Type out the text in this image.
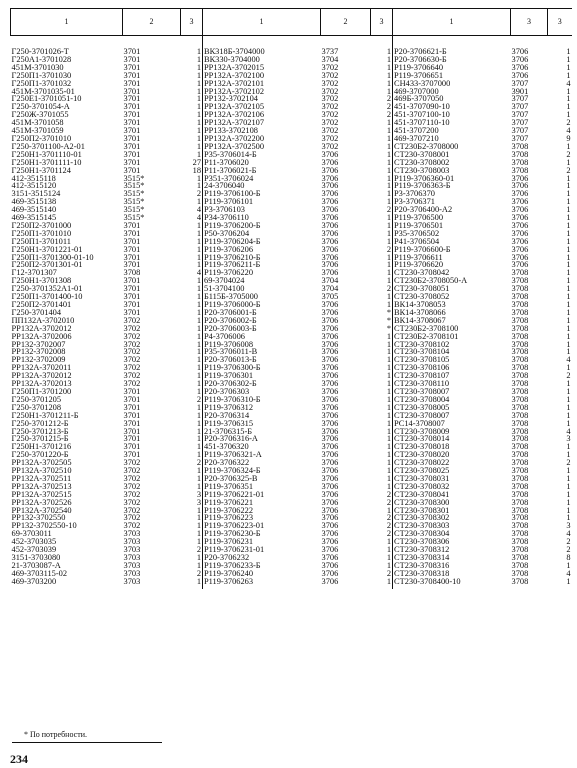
1	2	3	1	2	3	1	3	3

Г250-3701026-Т	3701	1	ВК318Б-3704000	3737	1	Р20-3706621-Б	3706	1
Г250А1-3701028	3701	1	ВК330-3704000	3704	1	Р20-3706630-Б	3706	1
451М-3701030	3701	1	РР132А-3702015	3702	1	Р119-3706640	3706	1
Г250П1-3701030	3701	1	РР132А-3702100	3702	1	Р119-3706651	3706	1
Г250П1-3701032	3701	1	РР132А-3702101	3702	1	СН433-3707000	3707	4
451М-3701035-01	3701	1	РР132А-3702102	3702	1	469-3707000	3901	1
Г250Е1-3701051-10	3701	1	РР132-3702104	3702	2	469Б-3707050	3707	1
Г250-3701054-А	3701	1	РР132А-3702105	3702	2	451-3707090-10	3707	1
Г250Ж-3701055	3701	1	РР132А-3702106	3702	2	451-3707100-10	3707	1
451М-3701058	3701	1	РР132А-3702107	3702	1	451-3707110-10	3707	2
451М-3701059	3701	1	РР133-3702108	3702	1	451-3707200	3707	4
Г250П2-3701010	3701	1	РР132А-3702200	3702	1	469-3707210	3707	9
Г250-3701100-А2-01	3701	1	РР132А-3702500	3702	1	СТ230Б2-3708000	3708	1
Г250Н1-3701110-01	3701	1	Р35-3706014-Б	3706	1	СТ230-3708001	3708	2
Г250Н1-3701111-10	3701	27	Р11-3706020	3706	1	СТ230-3708002	3708	1
Г250Н1-3701124	3701	18	Р11-3706021-Б	3706	1	СТ230-3708003	3708	2
412-3515118	3515*	1	Р351-3706024	3706	1	Р119-3706360-01	3706	1
412-3515120	3515*	1	24-3706040	3706	1	Р119-3706363-Б	3706	1
3151-3515124	3515*	2	Р119-3706100-Б	3706	1	Р3-3706370	3706	1
469-3515138	3515*	1	Р119-3706101	3706	1	Р3-3706371	3706	1
469-3515140	3515*	4	Р3-3706103	3706	2	Р20-3706400-А2	3706	1
469-3515145	3515*	4	Р34-3706110	3706	1	Р119-3706500	3706	1
Г250П2-3701000	3701	1	Р119-3706200-Б	3706	1	Р119-3706501	3706	1
Г250П1-3701010	3701	1	Р50-3706204	3706	1	Р35-3706502	3706	1
Г250П1-3701011	3701	1	Р119-3706204-Б	3706	1	Р41-3706504	3706	1
Г250Н1-3701221-01	3701	1	Р119-3706206	3706	2	Р119-3706600-Б	3706	1
Г250П1-3701300-01-10	3701	1	Р119-3706210-Б	3706	1	Р119-3706611	3706	1
Г250П2-3701301-01	3701	1	Р119-3706211-Б	3706	1	Р119-3706620	3706	1
Г12-3701307	3708	4	Р119-3706220	3706	1	СТ230-3708042	3708	1
Г250Н1-3701308	3701	1	69-3704024	3704	1	СТ230Б2-3708050-А	3708	1
Г250-3701352А1-01	3701	1	51-3704100	3704	2	СТ230-3708051	3708	1
Г250П1-3701400-10	3701	1	Б115Б-3705000	3705	1	СТ230-3708052	3708	1
Г250П2-3701401	3701	1	Р119-3706000-Б	3706	1	ВК14-3708053	3708	1
Г250-3701404	3701	1	Р20-3706001-Б	3706	*	ВК14-3708066	3708	1
ПП132А-3702010	3702	1	Р20-3706002-Б	3706	*	ВК14-3708067	3708	1
РР132А-3702012	3702	1	Р20-3706003-Б	3706	*	СТ230Б2-3708100	3708	1
РР132А-3702006	3702	1	Р4-3706006	3706	1	СТ230Б2-3708101	3708	1
РР132-3702007	3702	1	Р119-3706008	3706	1	СТ230-3708102	3708	1
РР132-3702008	3702	1	Р35-3706011-В	3706	1	СТ230-3708104	3708	1
РР132-3702009	3702	1	Р20-3706013-Б	3706	1	СТ230-3708105	3708	4
РР132А-3702011	3702	1	Р119-3706300-Б	3706	1	СТ230-3708106	3708	1
РР132А-3702012	3702	1	Р119-3706301	3706	1	СТ230-3708107	3708	2
РР132А-3702013	3702	1	Р20-3706302-Б	3706	1	СТ230-3708110	3708	1
Г250П1-3701200	3701	1	Р20-3706303	3706	1	СТ230-3708007	3708	1
Г250-3701205	3701	2	Р119-3706310-Б	3706	1	СТ230-3708004	3708	1
Г250-3701208	3701	1	Р119-3706312	3706	1	СТ230-3708005	3708	1
Г250Н1-3701211-Б	3701	1	Р20-3706314	3706	1	СТ230-3708007	3708	1
Г250-3701212-Б	3701	1	Р119-3706315	3706	1	РС14-3708007	3708	1
Г250-3701213-Б	3701	1	21-3706315-Б	3706	1	СТ230-3708009	3708	4
Г250-3701215-Б	3701	1	Р20-3706316-А	3706	1	СТ230-3708014	3708	3
Г250Н1-3701216	3701	1	451-3706320	3706	1	СТ230-3708018	3708	1
Г250-3701220-Б	3701	1	Р119-3706321-А	3706	1	СТ230-3708020	3708	1
РР132А-3702505	3702	2	Р20-3706322	3706	1	СТ230-3708022	3708	2
РР132А-3702510	3702	1	Р119-3706324-Б	3706	1	СТ230-3708025	3708	1
РР132А-3702511	3702	1	Р20-3706325-В	3706	1	СТ230-3708031	3708	1
РР132А-3702513	3702	1	Р119-3706351	3706	1	СТ230-3708032	3708	1
РР132А-3702515	3702	3	Р119-3706221-01	3706	2	СТ230-3708041	3708	1
РР132А-3702526	3702	3	Р119-3706221	3706	2	СТ230-3708300	3708	1
РР132А-3702540	3702	1	Р119-3706222	3706	1	СТ230-3708301	3708	1
РР132-3702550	3702	1	Р119-3706223	3706	2	СТ230-3708302	3708	1
РР132-3702550-10	3702	1	Р119-3706223-01	3706	2	СТ230-3708303	3708	3
69-3703011	3703	1	Р119-3706230-Б	3706	2	СТ230-3708304	3708	4
452-3703035	3703	1	Р119-3706231	3706	1	СТ230-3708306	3708	2
452-3703039	3703	2	Р119-3706231-01	3706	1	СТ230-3708312	3708	2
3151-3703080	3703	1	Р20-3706232	3706	1	СТ230-3708314	3708	8
21-3703087-А	3703	1	Р119-3706233-Б	3706	1	СТ230-3708316	3708	1
469-3703115-02	3703	2	Р119-3706240	3706	2	СТ230-3708318	3708	4
469-3703200	3703	1	Р119-3706263	3706	1	СТ230-3708400-10	3708	1
* По потребности.
234
